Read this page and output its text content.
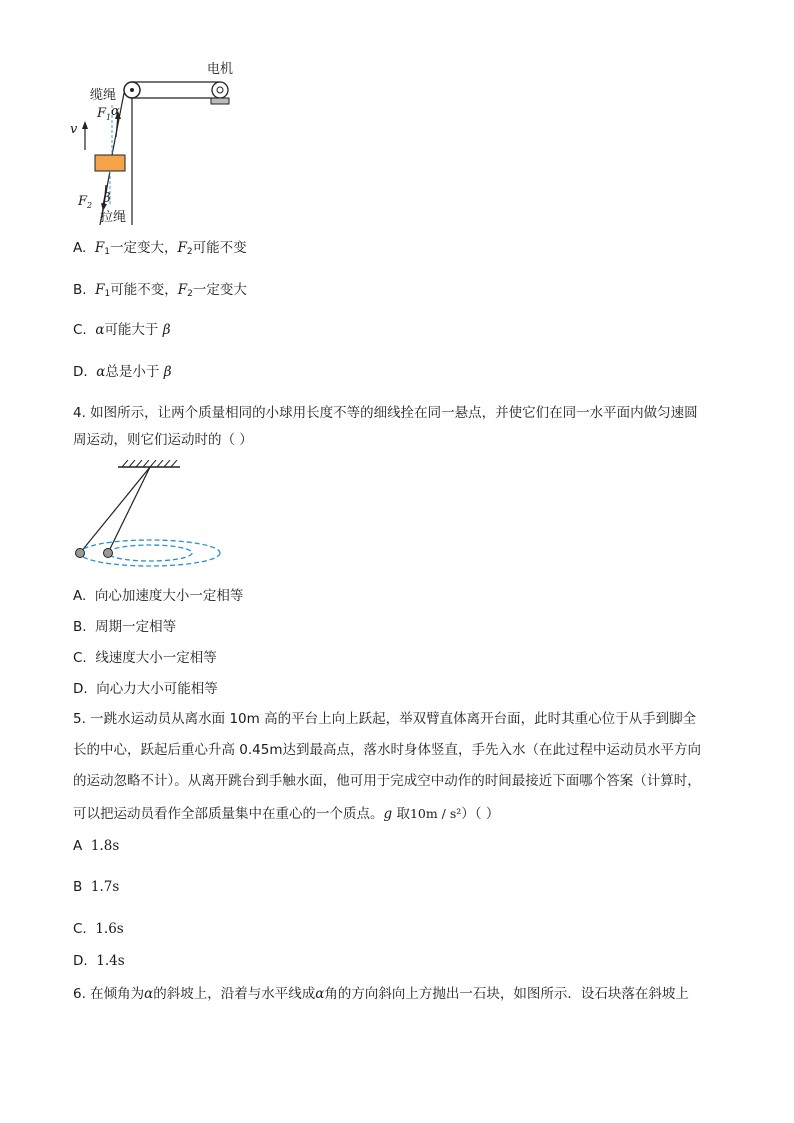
电机
缆绳
v
$F_1$ α
$F_2$ β
拉绳
A. $F_1$一定变大，$F_2$可能不变
B. $F_1$可能不变，$F_2$一定变大
C. α可能大于 β
D. α总是小于 β
4. 如图所示，让两个质量相同的小球用长度不等的细线拴在同一悬点，并使它们在同一水平面内做匀速圆
周运动，则它们运动时的（ ）
A. 向心加速度大小一定相等
B. 周期一定相等
C. 线速度大小一定相等
D. 向心力大小可能相等
5. 一跳水运动员从离水面 10m 高的平台上向上跃起，举双臂直体离开台面，此时其重心位于从手到脚全
长的中心，跃起后重心升高 0.45m达到最高点，落水时身体竖直，手先入水（在此过程中运动员水平方向
的运动忽略不计）。从离开跳台到手触水面，他可用于完成空中动作的时间最接近下面哪个答案（计算时，
可以把运动员看作全部质量集中在重心的一个质点。g 取10m / s²）（ ）
A 1.8s
B 1.7s
C. 1.6s
D. 1.4s
6. 在倾角为α的斜坡上，沿着与水平线成α角的方向斜向上方抛出一石块，如图所示．设石块落在斜坡上
